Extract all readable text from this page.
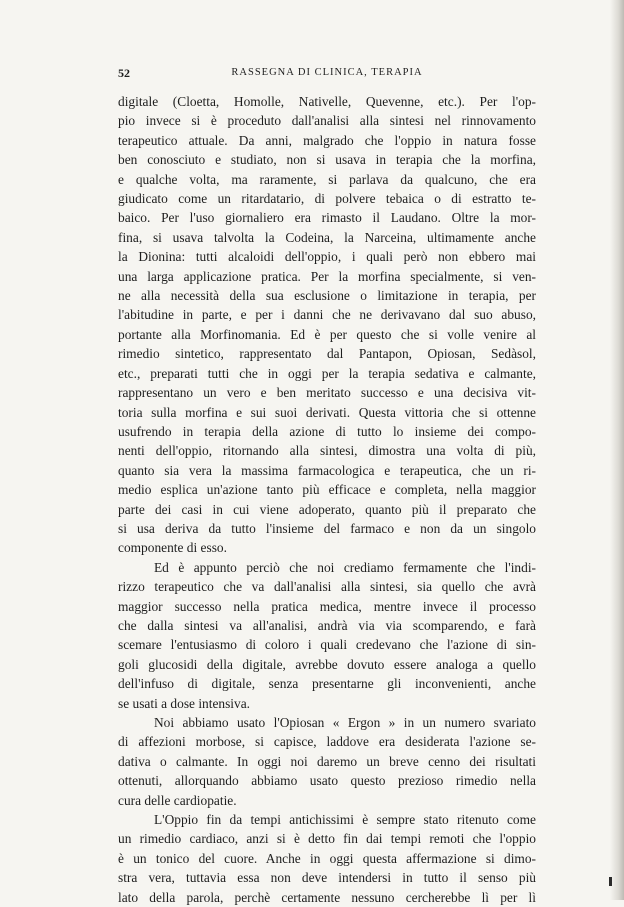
52	RASSEGNA DI CLINICA, TERAPIA

digitale (Cloetta, Homolle, Nativelle, Quevenne, etc.). Per l'op-
pio invece si è proceduto dall'analisi alla sintesi nel rinnovamento
terapeutico attuale. Da anni, malgrado che l'oppio in natura fosse
ben conosciuto e studiato, non si usava in terapia che la morfina,
e qualche volta, ma raramente, si parlava da qualcuno, che era
giudicato come un ritardatario, di polvere tebaica o di estratto te-
baico. Per l'uso giornaliero era rimasto il Laudano. Oltre la mor-
fina, si usava talvolta la Codeina, la Narceina, ultimamente anche
la Dionina: tutti alcaloidi dell'oppio, i quali però non ebbero mai
una larga applicazione pratica. Per la morfina specialmente, si ven-
ne alla necessità della sua esclusione o limitazione in terapia, per
l'abitudine in parte, e per i danni che ne derivavano dal suo abuso,
portante alla Morfinomania. Ed è per questo che si volle venire al
rimedio sintetico, rappresentato dal Pantapon, Opiosan, Sedàsol,
etc., preparati tutti che in oggi per la terapia sedativa e calmante,
rappresentano un vero e ben meritato successo e una decisiva vit-
toria sulla morfina e sui suoi derivati. Questa vittoria che si ottenne
usufrendo in terapia della azione di tutto lo insieme dei compo-
nenti dell'oppio, ritornando alla sintesi, dimostra una volta di più,
quanto sia vera la massima farmacologica e terapeutica, che un ri-
medio esplica un'azione tanto più efficace e completa, nella maggior
parte dei casi in cui viene adoperato, quanto più il preparato che
si usa deriva da tutto l'insieme del farmaco e non da un singolo
componente di esso.

Ed è appunto perciò che noi crediamo fermamente che l'indi-
rizzo terapeutico che va dall'analisi alla sintesi, sia quello che avrà
maggior successo nella pratica medica, mentre invece il processo
che dalla sintesi va all'analisi, andrà via via scomparendo, e farà
scemare l'entusiasmo di coloro i quali credevano che l'azione di sin-
goli glucosidi della digitale, avrebbe dovuto essere analoga a quello
dell'infuso di digitale, senza presentarne gli inconvenienti, anche
se usati a dose intensiva.

Noi abbiamo usato l'Opiosan « Ergon » in un numero svariato
di affezioni morbose, si capisce, laddove era desiderata l'azione se-
dativa o calmante. In oggi noi daremo un breve cenno dei risultati
ottenuti, allorquando abbiamo usato questo prezioso rimedio nella
cura delle cardiopatie.

L'Oppio fin da tempi antichissimi è sempre stato ritenuto come
un rimedio cardiaco, anzi si è detto fin dai tempi remoti che l'oppio
è un tonico del cuore. Anche in oggi questa affermazione si dimo-
stra vera, tuttavia essa non deve intendersi in tutto il senso più
lato della parola, perchè certamente nessuno cercherebbe lì per lì
